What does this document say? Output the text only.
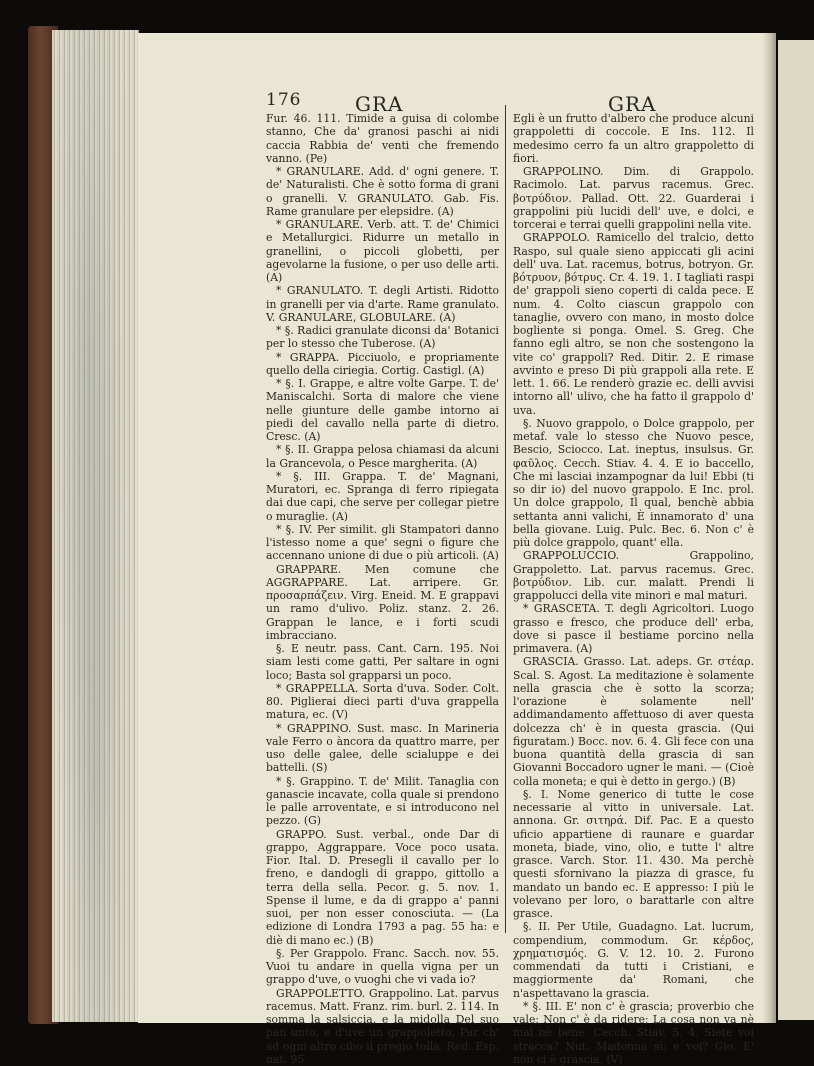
176	GRA	GRA

Fur. 46. 111. Timide a guisa di colombe stanno, Che da' granosi paschi ai nidi caccia Rabbia de' venti che fremendo vanno. (Pe)

* GRANULARE. Add. d' ogni genere. T. de' Naturalisti. Che è sotto forma di grani o granelli. V. GRANULATO. Gab. Fis. Rame granulare per elepsidre. (A)

* GRANULARE. Verb. att. T. de' Chimici e Metallurgici. Ridurre un metallo in granellini, o piccoli globetti, per agevolarne la fusione, o per uso delle arti. (A)

* GRANULATO. T. degli Artisti. Ridotto in granelli per via d'arte. Rame granulato. V. GRANULARE, GLOBULARE. (A)

* §. Radici granulate diconsi da' Botanici per lo stesso che Tuberose. (A)

* GRAPPA. Picciuolo, e propriamente quello della ciriegia. Cortig. Castigl. (A)

* §. I. Grappe, e altre volte Garpe. T. de' Maniscalchi. Sorta di malore che viene nelle giunture delle gambe intorno ai piedi del cavallo nella parte di dietro. Cresc. (A)

* §. II. Grappa pelosa chiamasi da alcuni la Grancevola, o Pesce margherita. (A)

* §. III. Grappa. T. de' Magnani, Muratori, ec. Spranga di ferro ripiegata dai due capi, che serve per collegar pietre o muraglie. (A)

* §. IV. Per similit. gli Stampatori danno l'istesso nome a que' segni o figure che accennano unione di due o più articoli. (A)

GRAPPARE. Men comune che AGGRAPPARE. Lat. arripere. Gr. προσαρπάζειν. Virg. Eneid. M. E grappavi un ramo d'ulivo. Poliz. stanz. 2. 26. Grappan le lance, e i forti scudi imbracciano.

§. E neutr. pass. Cant. Carn. 195. Noi siam lesti come gatti, Per saltare in ogni loco; Basta sol grapparsi un poco.

* GRAPPELLA. Sorta d'uva. Soder. Colt. 80. Piglierai dieci parti d'uva grappella matura, ec. (V)

* GRAPPINO. Sust. masc. In Marineria vale Ferro o àncora da quattro marre, per uso delle galee, delle scialuppe e dei battelli. (S)

* §. Grappino. T. de' Milit. Tanaglia con ganascie incavate, colla quale si prendono le palle arroventate, e si introducono nel pezzo. (G)

GRAPPO. Sust. verbal., onde Dar di grappo, Aggrappare. Voce poco usata. Fior. Ital. D. Presegli il cavallo per lo freno, e dandogli di grappo, gittollo a terra della sella. Pecor. g. 5. nov. 1. Spense il lume, e da di grappo a' panni suoi, per non esser conosciuta. — (La edizione di Londra 1793 a pag. 55 ha: e diè di mano ec.) (B)

§. Per Grappolo. Franc. Sacch. nov. 55. Vuoi tu andare in quella vigna per un grappo d'uve, o vuoghi che vi vada io?

GRAPPOLETTO. Grappolino. Lat. parvus racemus. Matt. Franz. rim. burl. 2. 114. In somma la salsiccia, e la midolla Del suo pan unto, e d'uve un grappoletto, Par ch' ad ogni altro cibo il pregio tolla. Red. Esp. nat. 95.

Egli è un frutto d'albero che produce alcuni grappoletti di coccole. E Ins. 112. Il medesimo cerro fa un altro grappoletto di fiori.

GRAPPOLINO. Dim. di Grappolo. Racimolo. Lat. parvus racemus. Grec. βοτρύδιον. Pallad. Ott. 22. Guarderai i grappolini più lucidi dell' uve, e dolci, e torcerai e terrai quelli grappolini nella vite.

GRAPPOLO. Ramicello del tralcio, detto Raspo, sul quale sieno appiccati gli acini dell' uva. Lat. racemus, botrus, botryon. Gr. βότρυον, βότρυς. Cr. 4. 19. 1. I tagliati raspi de' grappoli sieno coperti di calda pece. E num. 4. Colto ciascun grappolo con tanaglie, ovvero con mano, in mosto dolce bogliente si ponga. Omel. S. Greg. Che fanno egli altro, se non che sostengono la vite co' grappoli? Red. Ditir. 2. E rimase avvinto e preso Di più grappoli alla rete. E lett. 1. 66. Le renderò grazie ec. delli avvisi intorno all' ulivo, che ha fatto il grappolo d' uva.

§. Nuovo grappolo, o Dolce grappolo, per metaf. vale lo stesso che Nuovo pesce, Bescio, Sciocco. Lat. ineptus, insulsus. Gr. φαῦλος. Cecch. Stiav. 4. 4. E io baccello, Che mi lasciai inzampognar da lui! Ebbi (ti so dir io) del nuovo grappolo. E Inc. prol. Un dolce grappolo, Il qual, benchè abbia settanta anni valichi, È innamorato d' una bella giovane. Luig. Pulc. Bec. 6. Non c' è più dolce grappolo, quant' ella.

GRAPPOLUCCIO. Grappolino, Grappoletto. Lat. parvus racemus. Grec. βοτρύδιον. Lib. cur. malatt. Prendi li grappolucci della vite minori e mal maturi.

* GRASCETA. T. degli Agricoltori. Luogo grasso e fresco, che produce dell' erba, dove si pasce il bestiame porcino nella primavera. (A)

GRASCIA. Grasso. Lat. adeps. Gr. στέαρ. Scal. S. Agost. La meditazione è solamente nella grascia che è sotto la scorza; l'orazione è solamente nell' addimandamento affettuoso di aver questa dolcezza ch' è in questa grascia. (Qui figuratam.) Bocc. nov. 6. 4. Gli fece con una buona quantità della grascia di san Giovanni Boccadoro ugner le mani. — (Cioè colla moneta; e qui è detto in gergo.) (B)

§. I. Nome generico di tutte le cose necessarie al vitto in universale. Lat. annona. Gr. σιτηρά. Dif. Pac. E a questo uficio appartiene di raunare e guardar moneta, biade, vino, olio, e tutte l' altre grasce. Varch. Stor. 11. 430. Ma perchè questi sfornivano la piazza di grasce, fu mandato un bando ec. E appresso: I più le volevano per loro, o barattarle con altre grasce.

§. II. Per Utile, Guadagno. Lat. lucrum, compendium, commodum. Gr. κέρδος, χρηματισμός. G. V. 12. 10. 2. Furono commendati da tutti i Cristiani, e maggiormente da' Romani, che n'aspettavano la grascia.

* §. III. E' non c' è grascia; proverbio che vale: Non c' è da ridere; La cosa non va nè mal nè bene. Cecch. Stiav. 5. 4. Siete voi stracca? Nut. Madonna sì: e voi? Gio. E' non ci è grascia. (V)
